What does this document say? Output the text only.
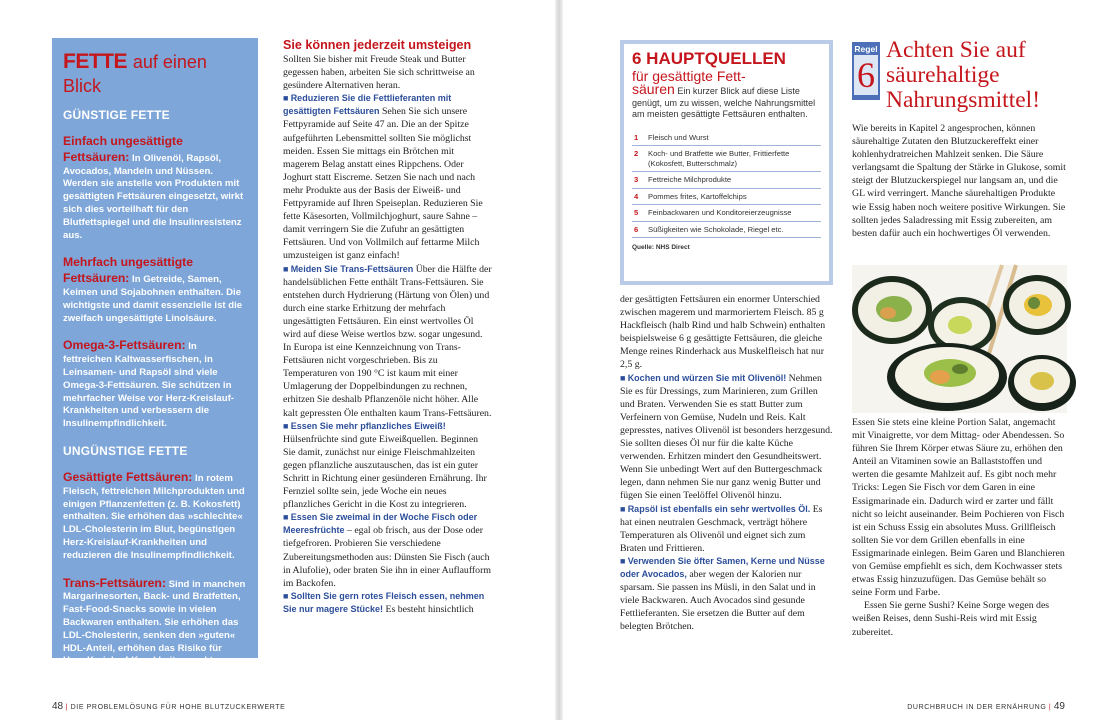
FETTE auf einen Blick
GÜNSTIGE FETTE
Einfach ungesättigte Fettsäuren: In Olivenöl, Rapsöl, Avocados, Mandeln und Nüssen. Werden sie anstelle von Produkten mit gesättigten Fettsäuren eingesetzt, wirkt sich dies vorteilhaft für den Blutfettspiegel und die Insulinresistenz aus.
Mehrfach ungesättigte Fettsäuren: In Getreide, Samen, Keimen und Sojabohnen enthalten. Die wichtigste und damit essenzielle ist die zweifach ungesättigte Linolsäure.
Omega-3-Fettsäuren: In fettreichen Kaltwasserfischen, in Leinsamen- und Rapsöl sind viele Omega-3-Fettsäuren. Sie schützen in mehrfacher Weise vor Herz-Kreislauf-Krankheiten und verbessern die Insulinempfindlichkeit.
UNGÜNSTIGE FETTE
Gesättigte Fettsäuren: In rotem Fleisch, fettreichen Milchprodukten und einigen Pflanzenfetten (z. B. Kokosfett) enthalten. Sie erhöhen das »schlechte« LDL-Cholesterin im Blut, begünstigen Herz-Kreislauf-Krankheiten und reduzieren die Insulinempfindlichkeit.
Trans-Fettsäuren: Sind in manchen Margarinesorten, Back- und Bratfetten, Fast-Food-Snacks sowie in vielen Backwaren enthalten. Sie erhöhen das LDL-Cholesterin, senken den »guten« HDL-Anteil, erhöhen das Risiko für Herz-Kreislauf-Krankheiten und tragen zur Insulinresistenz bei.
Sie können jederzeit umsteigen

Sollten Sie bisher mit Freude Steak und Butter gegessen haben, arbeiten Sie sich schrittweise an gesündere Alternativen heran.

■ Reduzieren Sie die Fettlieferanten mit gesättigten Fettsäuren Sehen Sie sich unsere Fettpyramide auf Seite 47 an. Die an der Spitze aufgeführten Lebensmittel sollten Sie möglichst meiden. Essen Sie mittags ein Brötchen mit magerem Belag anstatt eines Rippchens. Oder Joghurt statt Eiscreme. Setzen Sie nach und nach mehr Produkte aus der Basis der Eiweiß- und Fettpyramide auf Ihren Speiseplan. Reduzieren Sie fette Käsesorten, Vollmilchjoghurt, saure Sahne – damit verringern Sie die Zufuhr an gesättigten Fettsäuren. Und von Vollmilch auf fettarme Milch umzusteigen ist ganz einfach!

■ Meiden Sie Trans-Fettsäuren Über die Hälfte der handelsüblichen Fette enthält Trans-Fettsäuren. Sie entstehen durch Hydrierung (Härtung von Ölen) und durch eine starke Erhitzung der mehrfach ungesättigten Fettsäuren. Ein einst wertvolles Öl wird auf diese Weise wertlos bzw. sogar ungesund. In Europa ist eine Kennzeichnung von Trans-Fettsäuren nicht vorgeschrieben. Bis zu Temperaturen von 190 °C ist kaum mit einer Umlagerung der Doppelbindungen zu rechnen, erhitzen Sie deshalb Pflanzenöle nicht höher. Alle kalt gepressten Öle enthalten kaum Trans-Fettsäuren.

■ Essen Sie mehr pflanzliches Eiweiß! Hülsenfrüchte sind gute Eiweißquellen. Beginnen Sie damit, zunächst nur einige Fleischmahlzeiten gegen pflanzliche auszutauschen, das ist ein guter Schritt in Richtung einer gesünderen Ernährung. Ihr Fernziel sollte sein, jede Woche ein neues pflanzliches Gericht in die Kost zu integrieren.

■ Essen Sie zweimal in der Woche Fisch oder Meeresfrüchte – egal ob frisch, aus der Dose oder tiefgefroren. Probieren Sie verschiedene Zubereitungsmethoden aus: Dünsten Sie Fisch (auch in Alufolie), oder braten Sie ihn in einer Auflaufform im Backofen.

■ Sollten Sie gern rotes Fleisch essen, nehmen Sie nur magere Stücke! Es besteht hinsichtlich

6 HAUPTQUELLEN
für gesättigte Fett-
säuren Ein kurzer Blick auf diese Liste genügt, um zu wissen, welche Nahrungsmittel am meisten gesättigte Fettsäuren enthalten.
1	Fleisch und Wurst
2	Koch- und Bratfette wie Butter, Frittierfette (Kokosfett, Butterschmalz)
3	Fettreiche Milchprodukte
4	Pommes frites, Kartoffelchips
5	Feinbackwaren und Konditoreierzeugnisse
6	Süßigkeiten wie Schokolade, Riegel etc.
Quelle: NHS Direct

der gesättigten Fettsäuren ein enormer Unterschied zwischen magerem und marmoriertem Fleisch. 85 g Hackfleisch (halb Rind und halb Schwein) enthalten beispielsweise 6 g gesättigte Fettsäuren, die gleiche Menge reines Rinderhack aus Muskelfleisch hat nur 2,5 g.

■ Kochen und würzen Sie mit Olivenöl! Nehmen Sie es für Dressings, zum Marinieren, zum Grillen und Braten. Verwenden Sie es statt Butter zum Verfeinern von Gemüse, Nudeln und Reis. Kalt gepresstes, natives Olivenöl ist besonders herzgesund. Sie sollten dieses Öl nur für die kalte Küche verwenden. Erhitzen mindert den Gesundheitswert. Wenn Sie unbedingt Wert auf den Buttergeschmack legen, dann nehmen Sie nur ganz wenig Butter und fügen Sie einen Teelöffel Olivenöl hinzu.

■ Rapsöl ist ebenfalls ein sehr wertvolles Öl. Es hat einen neutralen Geschmack, verträgt höhere Temperaturen als Olivenöl und eignet sich zum Braten und Frittieren.

■ Verwenden Sie öfter Samen, Kerne und Nüsse oder Avocados, aber wegen der Kalorien nur sparsam. Sie passen ins Müsli, in den Salat und in viele Backwaren. Auch Avocados sind gesunde Fettlieferanten. Sie ersetzen die Butter auf dem belegten Brötchen.

Regel
6
Achten Sie auf säurehaltige Nahrungsmittel!

Wie bereits in Kapitel 2 angesprochen, können säurehaltige Zutaten den Blutzuckereffekt einer kohlenhydratreichen Mahlzeit senken. Die Säure verlangsamt die Spaltung der Stärke in Glukose, somit steigt der Blutzuckerspiegel nur langsam an, und die GL wird verringert. Manche säurehaltigen Produkte wie Essig haben noch weitere positive Wirkungen. Sie sollten jedes Saladressing mit Essig zubereiten, am besten dafür auch ein hochwertiges Öl verwenden.

Essen Sie stets eine kleine Portion Salat, angemacht mit Vinaigrette, vor dem Mittag- oder Abendessen. So führen Sie Ihrem Körper etwas Säure zu, erhöhen den Anteil an Vitaminen sowie an Ballaststoffen und werten die gesamte Mahlzeit auf. Es gibt noch mehr Tricks: Legen Sie Fisch vor dem Garen in eine Essigmarinade ein. Dadurch wird er zarter und fällt nicht so leicht auseinander. Beim Pochieren von Fisch ist ein Schuss Essig ein absolutes Muss. Grillfleisch sollten Sie vor dem Grillen ebenfalls in eine Essigmarinade einlegen. Beim Garen und Blanchieren von Gemüse empfiehlt es sich, dem Kochwasser stets etwas Essig hinzuzufügen. Das Gemüse behält so seine Form und Farbe.

Essen Sie gerne Sushi? Keine Sorge wegen des weißen Reises, denn Sushi-Reis wird mit Essig zubereitet.

48 | DIE PROBLEMLÖSUNG FÜR HOHE BLUTZUCKERWERTE	DURCHBRUCH IN DER ERNÄHRUNG | 49
